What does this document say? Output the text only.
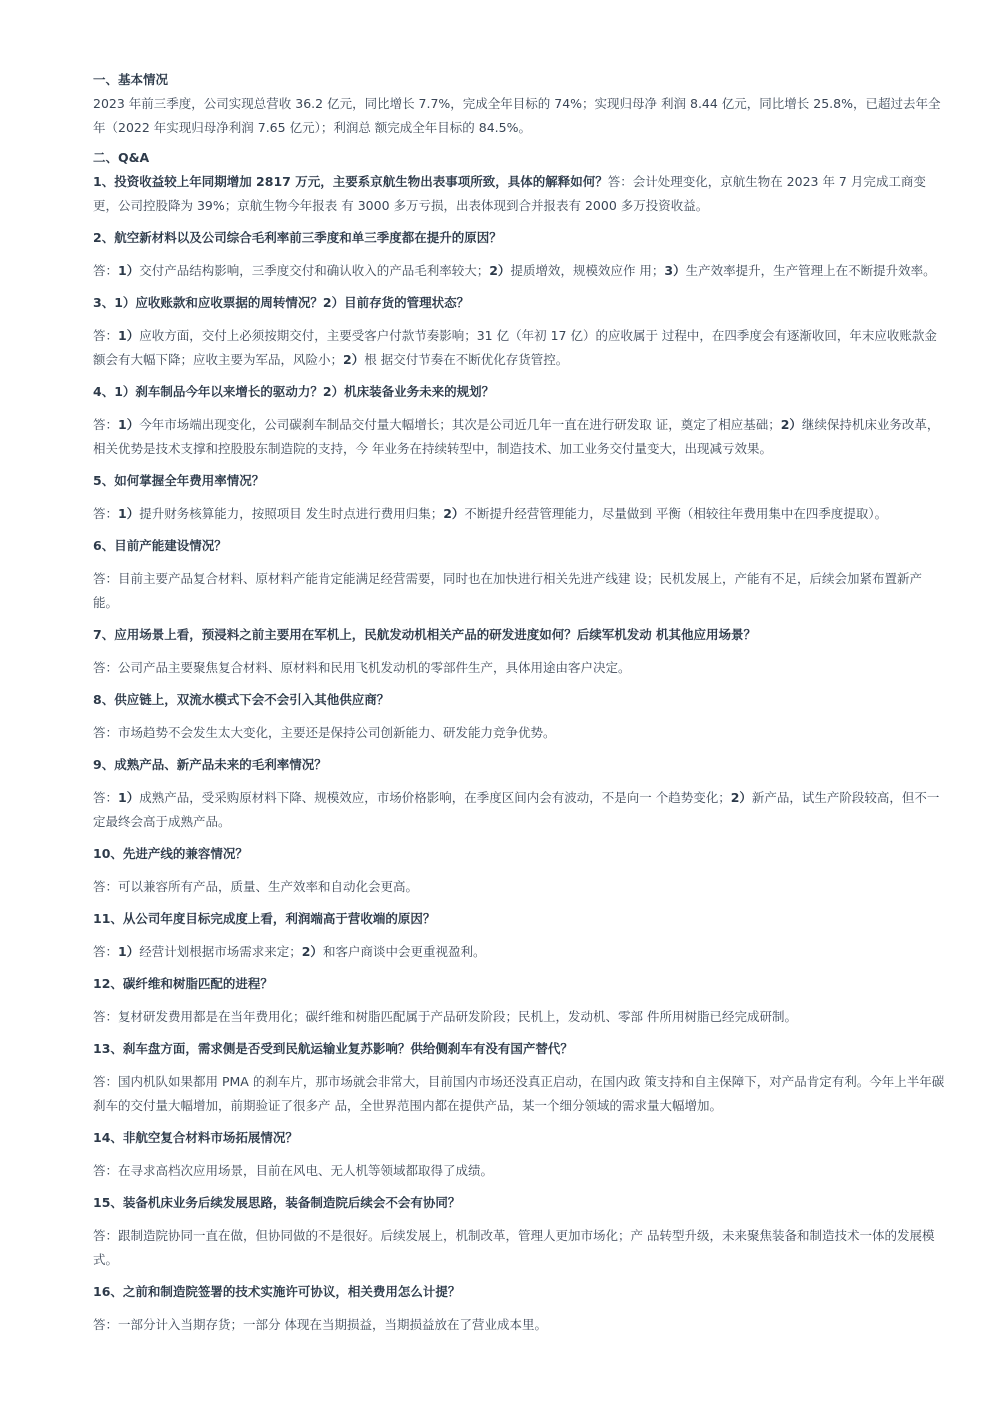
一、基本情况

2023 年前三季度，公司实现总营收 36.2 亿元，同比增长 7.7%，完成全年目标的 74%；实现归母净 利润 8.44 亿元，同比增长 25.8%，已超过去年全年（2022 年实现归母净利润 7.65 亿元）；利润总 额完成全年目标的 84.5%。

二、Q&A

1、投资收益较上年同期增加 2817 万元，主要系京航生物出表事项所致，具体的解释如何？答：会计处理变化，京航生物在 2023 年 7 月完成工商变更，公司控股降为 39%；京航生物今年报表 有 3000 多万亏损，出表体现到合并报表有 2000 多万投资收益。

2、航空新材料以及公司综合毛利率前三季度和单三季度都在提升的原因？

答：1）交付产品结构影响，三季度交付和确认收入的产品毛利率较大；2）提质增效，规模效应作 用；3）生产效率提升，生产管理上在不断提升效率。

3、1）应收账款和应收票据的周转情况？2）目前存货的管理状态？

答：1）应收方面，交付上必须按期交付，主要受客户付款节奏影响；31 亿（年初 17 亿）的应收属于 过程中，在四季度会有逐渐收回，年末应收账款金额会有大幅下降；应收主要为军品，风险小；2）根 据交付节奏在不断优化存货管控。

4、1）刹车制品今年以来增长的驱动力？2）机床装备业务未来的规划？

答：1）今年市场端出现变化，公司碳刹车制品交付量大幅增长；其次是公司近几年一直在进行研发取 证，奠定了相应基础；2）继续保持机床业务改革，相关优势是技术支撑和控股股东制造院的支持，今 年业务在持续转型中，制造技术、加工业务交付量变大，出现减亏效果。

5、如何掌握全年费用率情况？

答：1）提升财务核算能力，按照项目 发生时点进行费用归集；2）不断提升经营管理能力，尽量做到 平衡（相较往年费用集中在四季度提取）。

6、目前产能建设情况？

答：目前主要产品复合材料、原材料产能肯定能满足经营需要，同时也在加快进行相关先进产线建 设；民机发展上，产能有不足，后续会加紧布置新产能。

7、应用场景上看，预浸料之前主要用在军机上，民航发动机相关产品的研发进度如何？后续军机发动 机其他应用场景？

答：公司产品主要聚焦复合材料、原材料和民用飞机发动机的零部件生产，具体用途由客户决定。

8、供应链上，双流水模式下会不会引入其他供应商？

答：市场趋势不会发生太大变化，主要还是保持公司创新能力、研发能力竞争优势。

9、成熟产品、新产品未来的毛利率情况？

答：1）成熟产品，受采购原材料下降、规模效应，市场价格影响，在季度区间内会有波动，不是向一 个趋势变化；2）新产品，试生产阶段较高，但不一定最终会高于成熟产品。

10、先进产线的兼容情况？

答：可以兼容所有产品，质量、生产效率和自动化会更高。

11、从公司年度目标完成度上看，利润端高于营收端的原因？

答：1）经营计划根据市场需求来定；2）和客户商谈中会更重视盈利。

12、碳纤维和树脂匹配的进程？

答：复材研发费用都是在当年费用化；碳纤维和树脂匹配属于产品研发阶段；民机上，发动机、零部 件所用树脂已经完成研制。

13、刹车盘方面，需求侧是否受到民航运输业复苏影响？供给侧刹车有没有国产替代？

答：国内机队如果都用 PMA 的刹车片，那市场就会非常大，目前国内市场还没真正启动，在国内政 策支持和自主保障下，对产品肯定有利。今年上半年碳刹车的交付量大幅增加，前期验证了很多产 品，全世界范围内都在提供产品，某一个细分领域的需求量大幅增加。

14、非航空复合材料市场拓展情况？

答：在寻求高档次应用场景，目前在风电、无人机等领域都取得了成绩。

15、装备机床业务后续发展思路，装备制造院后续会不会有协同？

答：跟制造院协同一直在做，但协同做的不是很好。后续发展上，机制改革，管理人更加市场化；产 品转型升级，未来聚焦装备和制造技术一体的发展模式。

16、之前和制造院签署的技术实施许可协议，相关费用怎么计提？

答：一部分计入当期存货；一部分 体现在当期损益，当期损益放在了营业成本里。
